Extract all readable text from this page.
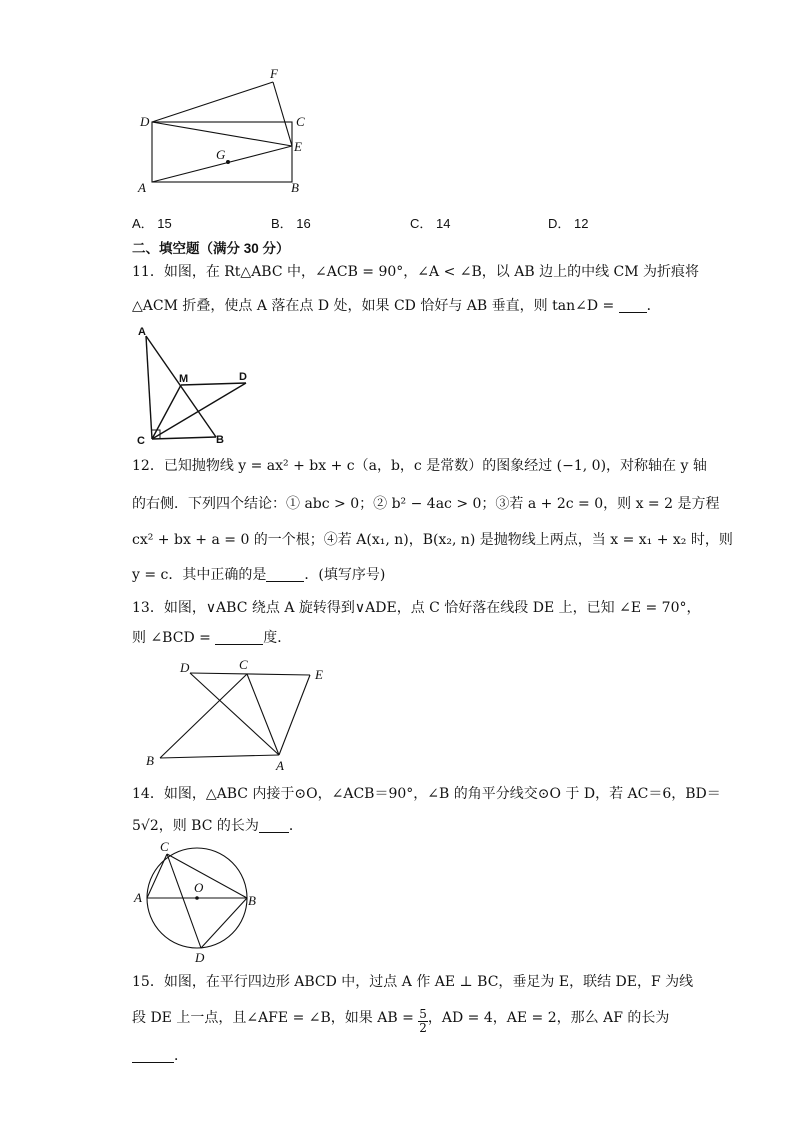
F
D	C
E
G
A	B
A． 15	B． 16	C． 14	D． 12
二、填空题（满分 30 分）
11．如图，在 Rt△ABC 中，∠ACB = 90°，∠A < ∠B，以 AB 边上的中线 CM 为折痕将
△ACM 折叠，使点 A 落在点 D 处，如果 CD 恰好与 AB 垂直，则 tan∠D = ．
A
M	D
C	B
12．已知抛物线 y = ax² + bx + c（a，b，c 是常数）的图象经过 (−1, 0)，对称轴在 y 轴
的右侧．下列四个结论：① abc > 0；② b² − 4ac > 0；③若 a + 2c = 0，则 x = 2 是方程
cx² + bx + a = 0 的一个根；④若 A(x₁, n)，B(x₂, n) 是抛物线上两点，当 x = x₁ + x₂ 时，则
y = c．其中正确的是	．(填写序号)
13．如图，∨ABC 绕点 A 旋转得到∨ADE，点 C 恰好落在线段 DE 上，已知 ∠E = 70°，
则 ∠BCD =	度．
D	C
E
B	A
14．如图，△ABC 内接于⊙O，∠ACB＝90°，∠B 的角平分线交⊙O 于 D，若 AC＝6，BD＝
5√2，则 BC 的长为 ．
C
O
A	B
D
15．如图，在平行四边形 ABCD 中，过点 A 作 AE ⊥ BC，垂足为 E，联结 DE，F 为线
段 DE 上一点，且∠AFE = ∠B，如果 AB = $\frac{5}{2}$ ，AD = 4，AE = 2，那么 AF 的长为
．
